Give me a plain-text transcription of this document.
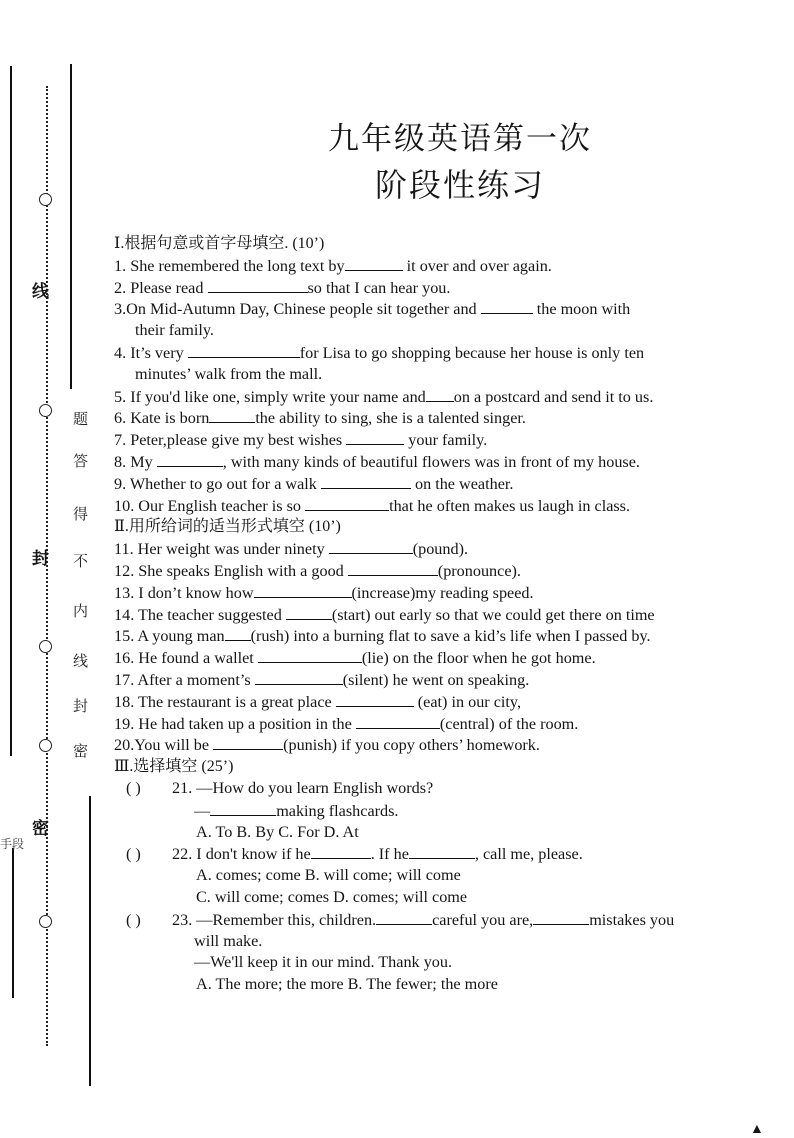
线
封
密
题
答
得
不
内
线
封
密
手段
九年级英语第一次
阶段性练习
Ⅰ.根据句意或首字母填空. (10’)
1. She remembered the long text by	it over and over again.
2. Please read	so that I can hear you.
3.On Mid-Autumn Day, Chinese people sit together and	the moon with
their family.
4. It’s very	for Lisa to go shopping because her house is only ten
minutes’ walk from the mall.
5. If you'd like one, simply write your name and on a postcard and send it to us.
6. Kate is born	the ability to sing, she is a talented singer.
7. Peter,please give my best wishes	your family.
8. My	, with many kinds of beautiful flowers was in front of my house.
9. Whether to go out for a walk	on the weather.
10. Our English teacher is so	that he often makes us laugh in class.
Ⅱ.用所给词的适当形式填空 (10’)
11. Her weight was under ninety	(pound).
12. She speaks English with a good	(pronounce).
13. I don’t know how	(increase)my reading speed.
14. The teacher suggested	(start) out early so that we could get there on time
15. A young man (rush) into a burning flat to save a kid’s life when I passed by.
16. He found a wallet	(lie) on the floor when he got home.
17. After a moment’s	(silent) he went on speaking.
18. The restaurant is a great place	(eat) in our city,
19. He had taken up a position in the	(central) of the room.
20.You will be	(punish) if you copy others’ homework.
Ⅲ.选择填空 (25’)
( ) 21. —How do you learn English words?
—	making flashcards.
A. To B. By C. For D. At
( ) 22. I don't know if he	. If he	, call me, please.
A. comes; come B. will come; will come
C. will come; comes D. comes; will come
( ) 23. —Remember this, children.	careful you are,	mistakes you
will make.
—We'll keep it in our mind. Thank you.
A. The more; the more B. The fewer; the more
▲
